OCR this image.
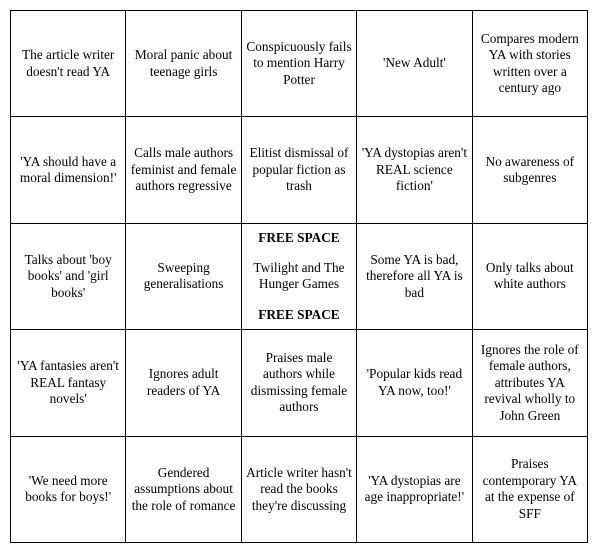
The article writer doesn't read YA
Moral panic about teenage girls
Conspicuously fails to mention Harry Potter
'New Adult'
Compares modern YA with stories written over a century ago
'YA should have a moral dimension!'
Calls male authors feminist and female authors regressive
Elitist dismissal of popular fiction as trash
'YA dystopias aren't REAL science fiction'
No awareness of subgenres
Talks about 'boy books' and 'girl books'
Sweeping generalisations
FREE SPACE
Twilight and The Hunger Games
FREE SPACE
Some YA is bad, therefore all YA is bad
Only talks about white authors
'YA fantasies aren't REAL fantasy novels'
Ignores adult readers of YA
Praises male authors while dismissing female authors
'Popular kids read YA now, too!'
Ignores the role of female authors, attributes YA revival wholly to John Green
'We need more books for boys!'
Gendered assumptions about the role of romance
Article writer hasn't read the books they're discussing
'YA dystopias are age inappropriate!'
Praises contemporary YA at the expense of SFF
